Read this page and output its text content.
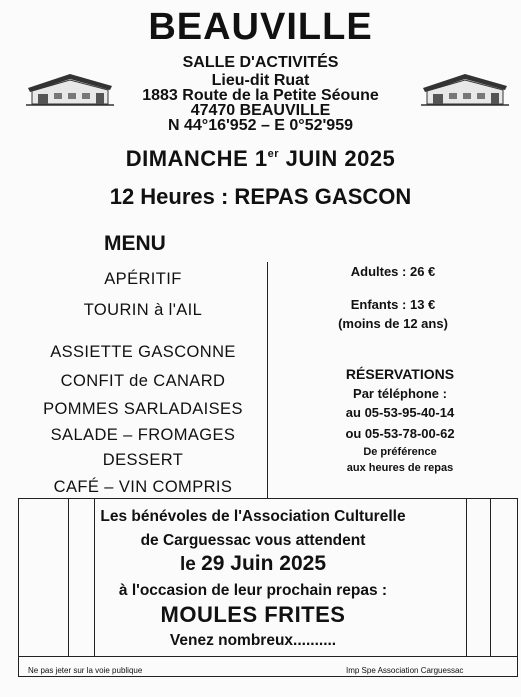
BEAUVILLE
SALLE D'ACTIVITÉS
Lieu-dit Ruat
1883 Route de la Petite Séoune
47470 BEAUVILLE
N 44°16'952 – E 0°52'959
DIMANCHE 1er JUIN 2025
12 Heures : REPAS GASCON
MENU
APÉRITIF
TOURIN à l'AIL
ASSIETTE GASCONNE
CONFIT de CANARD
POMMES SARLADAISES
SALADE – FROMAGES
DESSERT
CAFÉ – VIN COMPRIS
Adultes : 26 €
Enfants : 13 €
(moins de 12 ans)
RÉSERVATIONS
Par téléphone :
au 05-53-95-40-14
ou 05-53-78-00-62
De préférence
aux heures de repas
Les bénévoles de l'Association Culturelle
de Carguessac vous attendent
le 29 Juin 2025
à l'occasion de leur prochain repas :
MOULES FRITES
Venez nombreux..........
Ne pas jeter sur la voie publique	Imp Spe Association Carguessac
